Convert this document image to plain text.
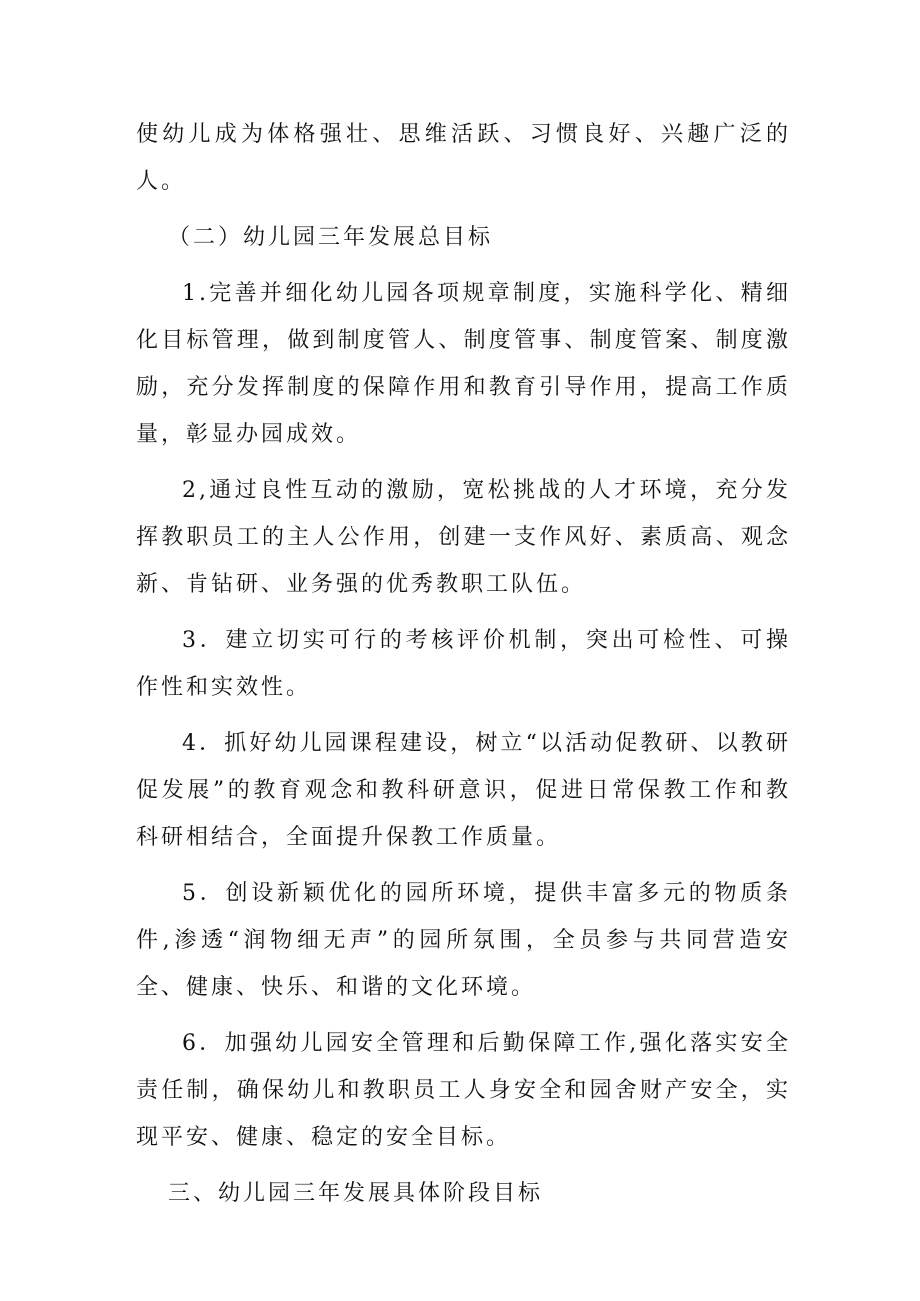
使幼儿成为体格强壮、思维活跃、习惯良好、兴趣广泛的人。

（二）幼儿园三年发展总目标

1.完善并细化幼儿园各项规章制度，实施科学化、精细化目标管理，做到制度管人、制度管事、制度管案、制度激励，充分发挥制度的保障作用和教育引导作用，提高工作质量，彰显办园成效。

2,通过良性互动的激励，宽松挑战的人才环境，充分发挥教职员工的主人公作用，创建一支作风好、素质高、观念新、肯钻研、业务强的优秀教职工队伍。

3．建立切实可行的考核评价机制，突出可检性、可操作性和实效性。

4．抓好幼儿园课程建设，树立“以活动促教研、以教研促发展”的教育观念和教科研意识，促进日常保教工作和教科研相结合，全面提升保教工作质量。

5．创设新颖优化的园所环境，提供丰富多元的物质条件,渗透“润物细无声”的园所氛围，全员参与共同营造安全、健康、快乐、和谐的文化环境。

6．加强幼儿园安全管理和后勤保障工作,强化落实安全责任制，确保幼儿和教职员工人身安全和园舍财产安全，实现平安、健康、稳定的安全目标。

三、幼儿园三年发展具体阶段目标
